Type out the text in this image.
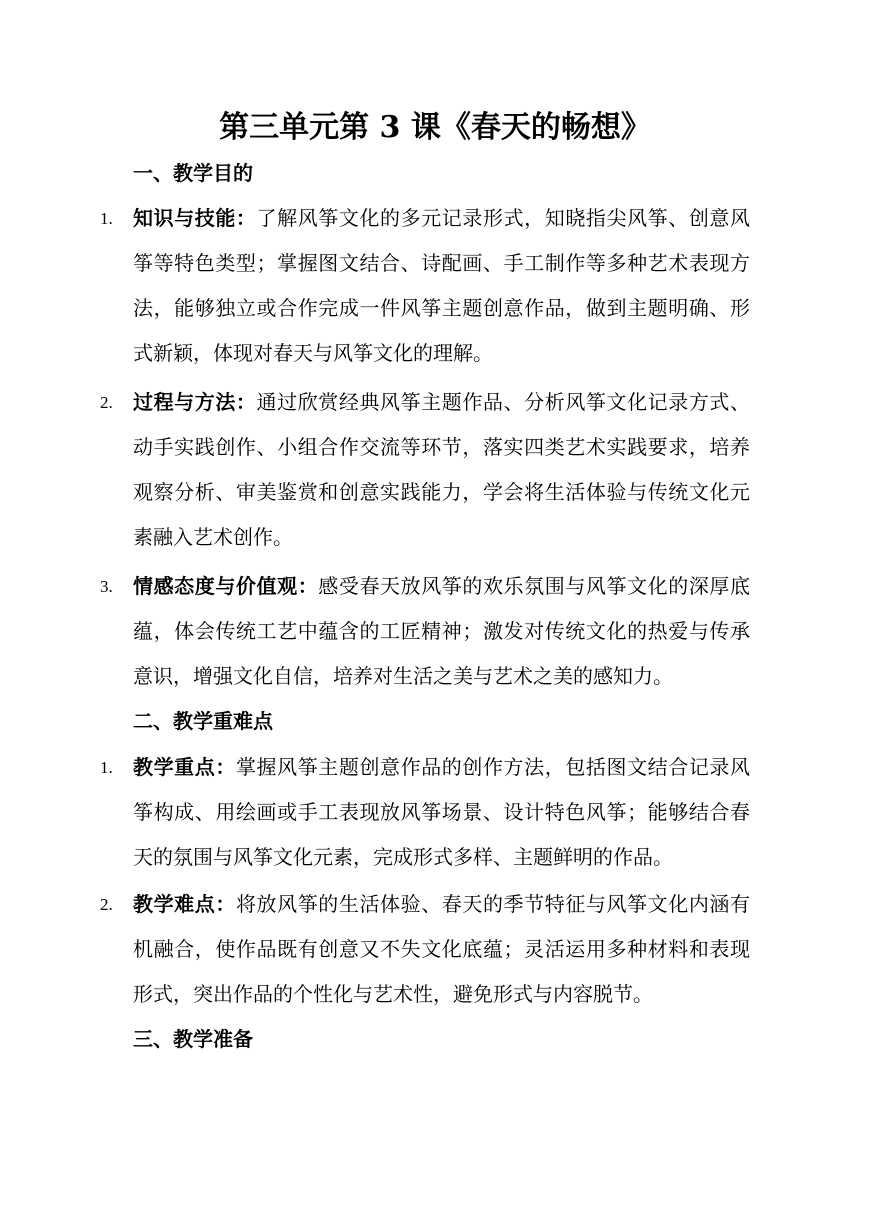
第三单元第 3 课《春天的畅想》
一、教学目的
1.	知识与技能：了解风筝文化的多元记录形式，知晓指尖风筝、创意风筝等特色类型；掌握图文结合、诗配画、手工制作等多种艺术表现方法，能够独立或合作完成一件风筝主题创意作品，做到主题明确、形式新颖，体现对春天与风筝文化的理解。
2.	过程与方法：通过欣赏经典风筝主题作品、分析风筝文化记录方式、动手实践创作、小组合作交流等环节，落实四类艺术实践要求，培养观察分析、审美鉴赏和创意实践能力，学会将生活体验与传统文化元素融入艺术创作。
3.	情感态度与价值观：感受春天放风筝的欢乐氛围与风筝文化的深厚底蕴，体会传统工艺中蕴含的工匠精神；激发对传统文化的热爱与传承意识，增强文化自信，培养对生活之美与艺术之美的感知力。
二、教学重难点
1.	教学重点：掌握风筝主题创意作品的创作方法，包括图文结合记录风筝构成、用绘画或手工表现放风筝场景、设计特色风筝；能够结合春天的氛围与风筝文化元素，完成形式多样、主题鲜明的作品。
2.	教学难点：将放风筝的生活体验、春天的季节特征与风筝文化内涵有机融合，使作品既有创意又不失文化底蕴；灵活运用多种材料和表现形式，突出作品的个性化与艺术性，避免形式与内容脱节。
三、教学准备
